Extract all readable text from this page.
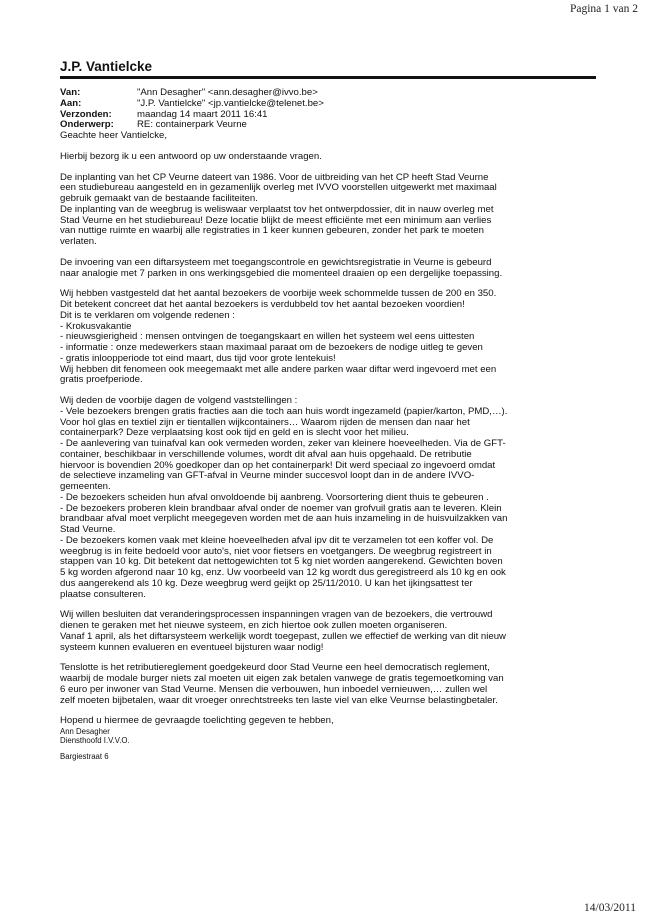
Pagina 1 van 2
J.P. Vantielcke
Van:	"Ann Desagher" <ann.desagher@ivvo.be>
Aan:	"J.P. Vantielcke" <jp.vantielcke@telenet.be>
Verzonden:	maandag 14 maart 2011 16:41
Onderwerp:	RE: containerpark Veurne
Geachte heer Vantielcke,
Hierbij bezorg ik u een antwoord op uw onderstaande vragen.
De inplanting van het CP Veurne dateert van 1986. Voor de uitbreiding van het CP heeft Stad Veurne
een studiebureau aangesteld en in gezamenlijk overleg met IVVO voorstellen uitgewerkt met maximaal
gebruik gemaakt van de bestaande faciliteiten.
De inplanting van de weegbrug is weliswaar verplaatst tov het ontwerpdossier, dit in nauw overleg met
Stad Veurne en het studiebureau! Deze locatie blijkt de meest efficiënte met een minimum aan verlies
van nuttige ruimte en waarbij alle registraties in 1 keer kunnen gebeuren, zonder het park te moeten
verlaten.
De invoering van een diftarsysteem met toegangscontrole en gewichtsregistratie in Veurne is gebeurd
naar analogie met 7 parken in ons werkingsgebied die momenteel draaien op een dergelijke toepassing.
Wij hebben vastgesteld dat het aantal bezoekers de voorbije week schommelde tussen de 200 en 350.
Dit betekent concreet dat het aantal bezoekers is verdubbeld tov het aantal bezoeken voordien!
Dit is te verklaren om volgende redenen :
- Krokusvakantie
- nieuwsgierigheid : mensen ontvingen de toegangskaart en willen het systeem wel eens uittesten
- informatie : onze medewerkers staan maximaal paraat om de bezoekers de nodige uitleg te geven
- gratis inloopperiode tot eind maart, dus tijd voor grote lentekuis!
Wij hebben dit fenomeen ook meegemaakt met alle andere parken waar diftar werd ingevoerd met een
gratis proefperiode.
Wij deden de voorbije dagen de volgend vaststellingen :
- Vele bezoekers brengen gratis fracties aan die toch aan huis wordt ingezameld (papier/karton, PMD,…).
Voor hol glas en textiel zijn er tientallen wijkcontainers… Waarom rijden de mensen dan naar het
containerpark? Deze verplaatsing kost ook tijd en geld en is slecht voor het milieu.
- De aanlevering van tuinafval kan ook vermeden worden, zeker van kleinere hoeveelheden. Via de GFT-
container, beschikbaar in verschillende volumes, wordt dit afval aan huis opgehaald. De retributie
hiervoor is bovendien 20% goedkoper dan op het containerpark! Dit werd speciaal zo ingevoerd omdat
de selectieve inzameling van GFT-afval in Veurne minder succesvol loopt dan in de andere IVVO-
gemeenten.
- De bezoekers scheiden hun afval onvoldoende bij aanbreng. Voorsortering dient thuis te gebeuren .
- De bezoekers proberen klein brandbaar afval onder de noemer van grofvuil gratis aan te leveren. Klein
brandbaar afval moet verplicht meegegeven worden met de aan huis inzameling in de huisvuilzakken van
Stad Veurne.
- De bezoekers komen vaak met kleine hoeveelheden afval ipv dit te verzamelen tot een koffer vol. De
weegbrug is in feite bedoeld voor auto's, niet voor fietsers en voetgangers. De weegbrug registreert in
stappen van 10 kg. Dit betekent dat nettogewichten tot 5 kg niet worden aangerekend. Gewichten boven
5 kg worden afgerond naar 10 kg, enz. Uw voorbeeld van 12 kg wordt dus geregistreerd als 10 kg en ook
dus aangerekend als 10 kg. Deze weegbrug werd geijkt op 25/11/2010. U kan het ijkingsattest ter
plaatse consulteren.
Wij willen besluiten dat veranderingsprocessen inspanningen vragen van de bezoekers, die vertrouwd
dienen te geraken met het nieuwe systeem, en zich hiertoe ook zullen moeten organiseren.
Vanaf 1 april, als het diftarsysteem werkelijk wordt toegepast, zullen we effectief de werking van dit nieuw
systeem kunnen evalueren en eventueel bijsturen waar nodig!
Tenslotte is het retributiereglement goedgekeurd door Stad Veurne een heel democratisch reglement,
waarbij de modale burger niets zal moeten uit eigen zak betalen vanwege de gratis tegemoetkoming van
6 euro per inwoner van Stad Veurne. Mensen die verbouwen, hun inboedel vernieuwen,… zullen wel
zelf moeten bijbetalen, waar dit vroeger onrechtstreeks ten laste viel van elke Veurnse belastingbetaler.
Hopend u hiermee de gevraagde toelichting gegeven te hebben,
Ann Desagher
Diensthoofd I.V.V.O.
Bargiestraat 6
14/03/2011
